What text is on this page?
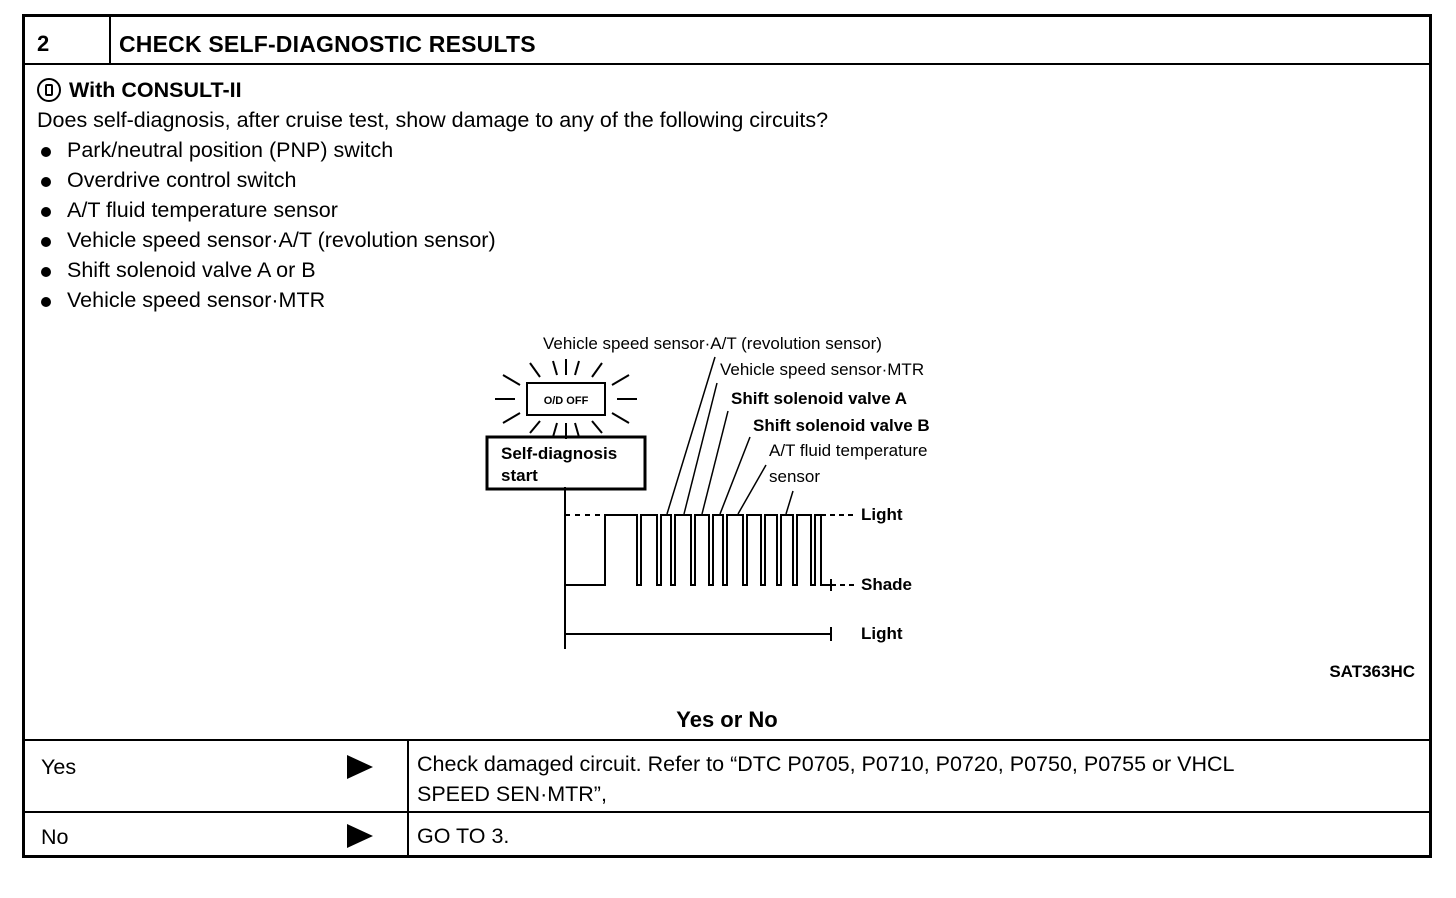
2	CHECK SELF-DIAGNOSTIC RESULTS
With CONSULT-II
Does self-diagnosis, after cruise test, show damage to any of the following circuits?
Park/neutral position (PNP) switch
Overdrive control switch
A/T fluid temperature sensor
Vehicle speed sensor·A/T (revolution sensor)
Shift solenoid valve A or B
Vehicle speed sensor·MTR
O/D OFF
Self-diagnosis
start
Vehicle speed sensor·A/T (revolution sensor)
Vehicle speed sensor·MTR
Shift solenoid valve A
Shift solenoid valve B
A/T fluid temperature
sensor
Light
Shade
Light
SAT363HC
Yes or No
Yes	Check damaged circuit. Refer to “DTC P0705, P0710, P0720, P0750, P0755 or VHCL
SPEED SEN·MTR”,
No	GO TO 3.
